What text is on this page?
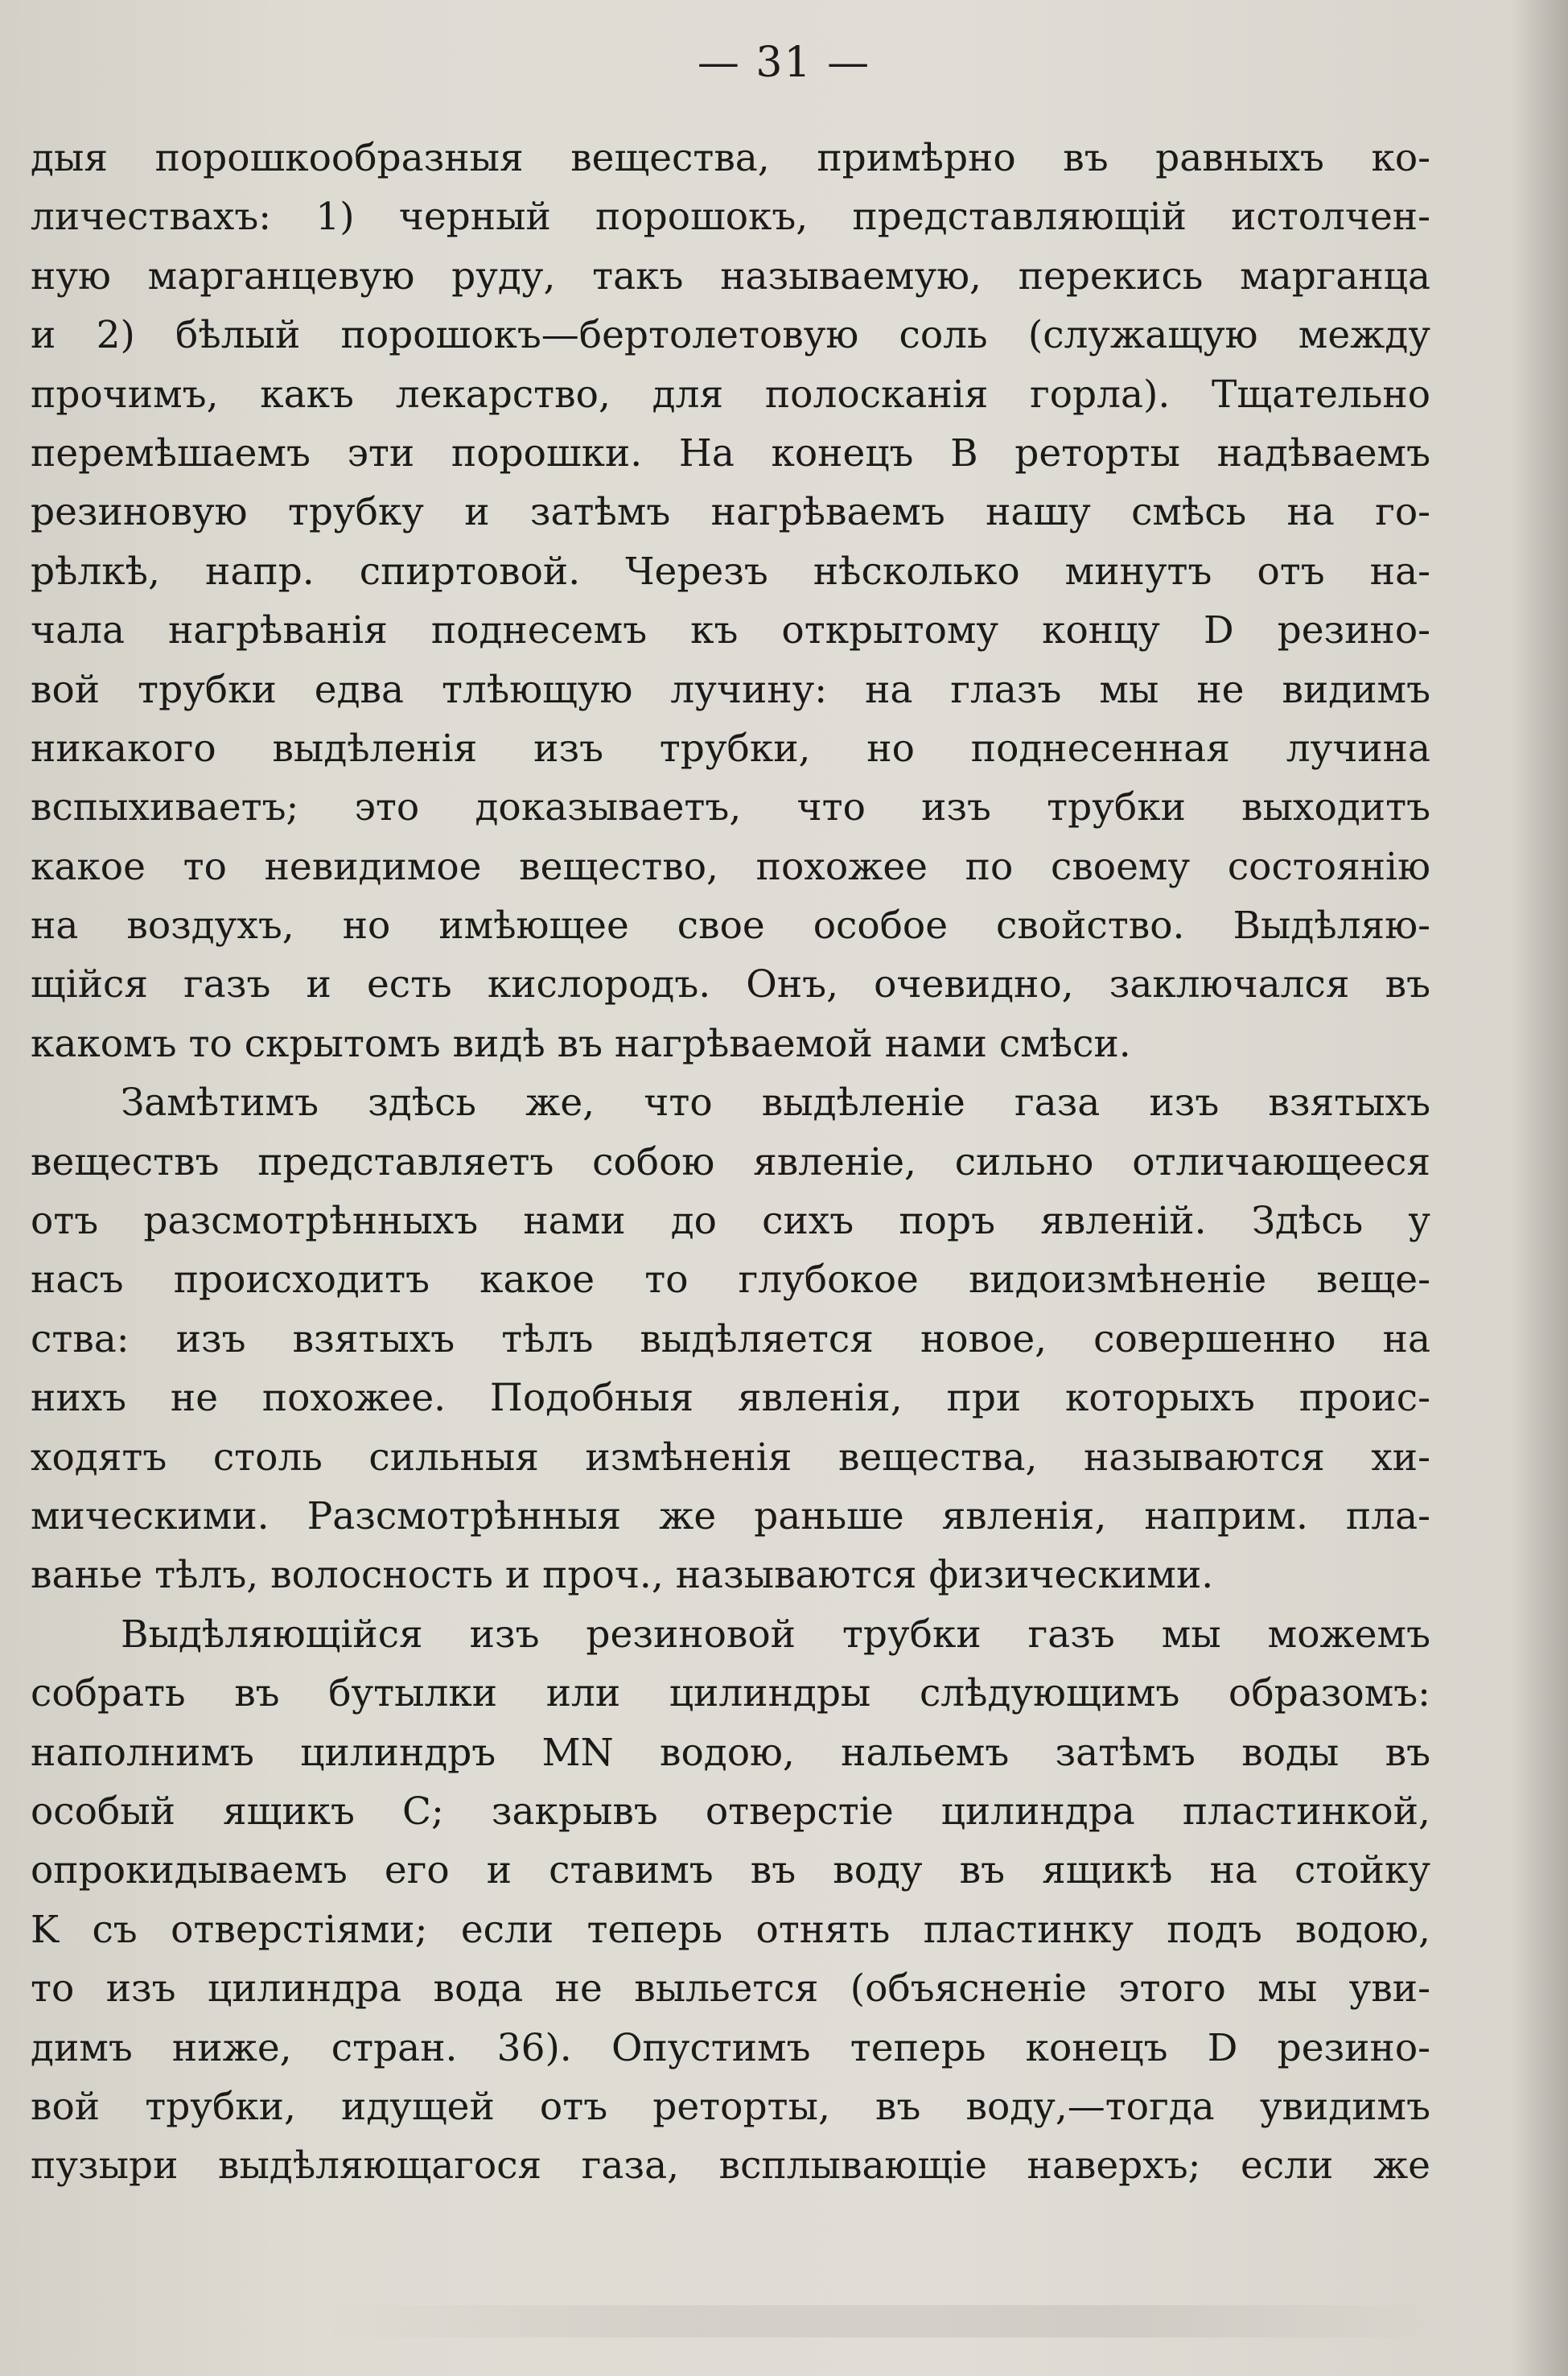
— 31 —
дыя порошкообразныя вещества, примѣрно въ равныхъ ко-
личествахъ: 1) черный порошокъ, представляющій истолчен-
ную марганцевую руду, такъ называемую, перекись марганца
и 2) бѣлый порошокъ—бертолетовую соль (служащую между
прочимъ, какъ лекарство, для полосканія горла). Тщательно
перемѣшаемъ эти порошки. На конецъ B реторты надѣваемъ
резиновую трубку и затѣмъ нагрѣваемъ нашу смѣсь на го-
рѣлкѣ, напр. спиртовой. Черезъ нѣсколько минутъ отъ на-
чала нагрѣванія поднесемъ къ открытому концу D резино-
вой трубки едва тлѣющую лучину: на глазъ мы не видимъ
никакого выдѣленія изъ трубки, но поднесенная лучина
вспыхиваетъ; это доказываетъ, что изъ трубки выходитъ
какое то невидимое вещество, похожее по своему состоянію
на воздухъ, но имѣющее свое особое свойство. Выдѣляю-
щійся газъ и есть кислородъ. Онъ, очевидно, заключался въ
какомъ то скрытомъ видѣ въ нагрѣваемой нами смѣси.
Замѣтимъ здѣсь же, что выдѣленіе газа изъ взятыхъ
веществъ представляетъ собою явленіе, сильно отличающееся
отъ разсмотрѣнныхъ нами до сихъ поръ явленій. Здѣсь у
насъ происходитъ какое то глубокое видоизмѣненіе веще-
ства: изъ взятыхъ тѣлъ выдѣляется новое, совершенно на
нихъ не похожее. Подобныя явленія, при которыхъ проис-
ходятъ столь сильныя измѣненія вещества, называются хи-
мическими. Разсмотрѣнныя же раньше явленія, наприм. пла-
ванье тѣлъ, волосность и проч., называются физическими.
Выдѣляющійся изъ резиновой трубки газъ мы можемъ
собрать въ бутылки или цилиндры слѣдующимъ образомъ:
наполнимъ цилиндръ MN водою, нальемъ затѣмъ воды въ
особый ящикъ C; закрывъ отверстіе цилиндра пластинкой,
опрокидываемъ его и ставимъ въ воду въ ящикѣ на стойку
K съ отверстіями; если теперь отнять пластинку подъ водою,
то изъ цилиндра вода не выльется (объясненіе этого мы уви-
димъ ниже, стран. 36). Опустимъ теперь конецъ D резино-
вой трубки, идущей отъ реторты, въ воду,—тогда увидимъ
пузыри выдѣляющагося газа, всплывающіе наверхъ; если же
